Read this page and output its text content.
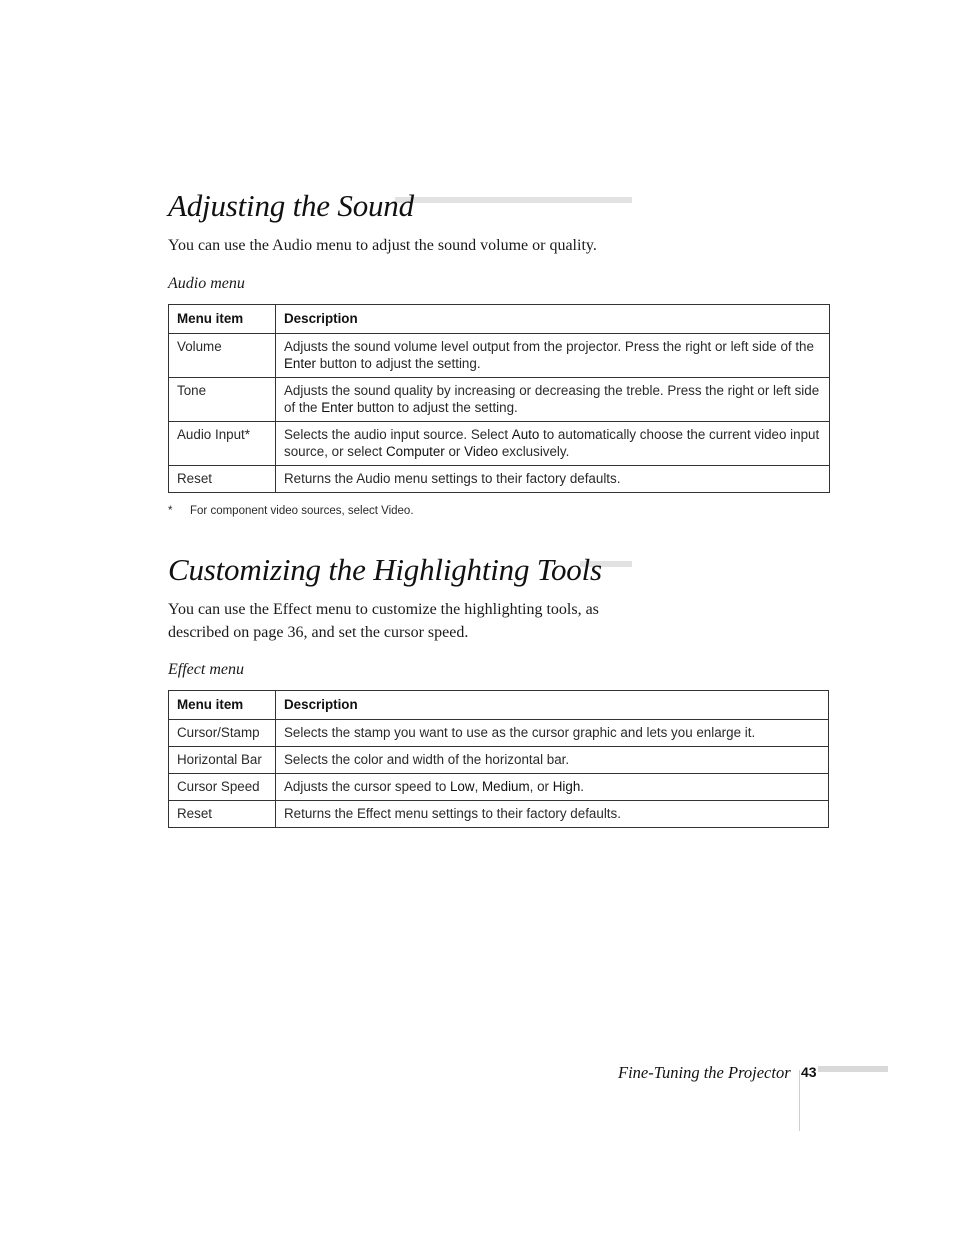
Adjusting the Sound

You can use the Audio menu to adjust the sound volume or quality.

Audio menu

Menu item	Description
Volume	Adjusts the sound volume level output from the projector. Press the right or left side of the Enter button to adjust the setting.
Tone	Adjusts the sound quality by increasing or decreasing the treble. Press the right or left side of the Enter button to adjust the setting.
Audio Input*	Selects the audio input source. Select Auto to automatically choose the current video input source, or select Computer or Video exclusively.
Reset	Returns the Audio menu settings to their factory defaults.

* For component video sources, select Video.

Customizing the Highlighting Tools

You can use the Effect menu to customize the highlighting tools, as

described on page 36, and set the cursor speed.

Effect menu

Menu item	Description
Cursor/Stamp	Selects the stamp you want to use as the cursor graphic and lets you enlarge it.
Horizontal Bar	Selects the color and width of the horizontal bar.
Cursor Speed	Adjusts the cursor speed to Low, Medium, or High.
Reset	Returns the Effect menu settings to their factory defaults.
Fine-Tuning the Projector 43
